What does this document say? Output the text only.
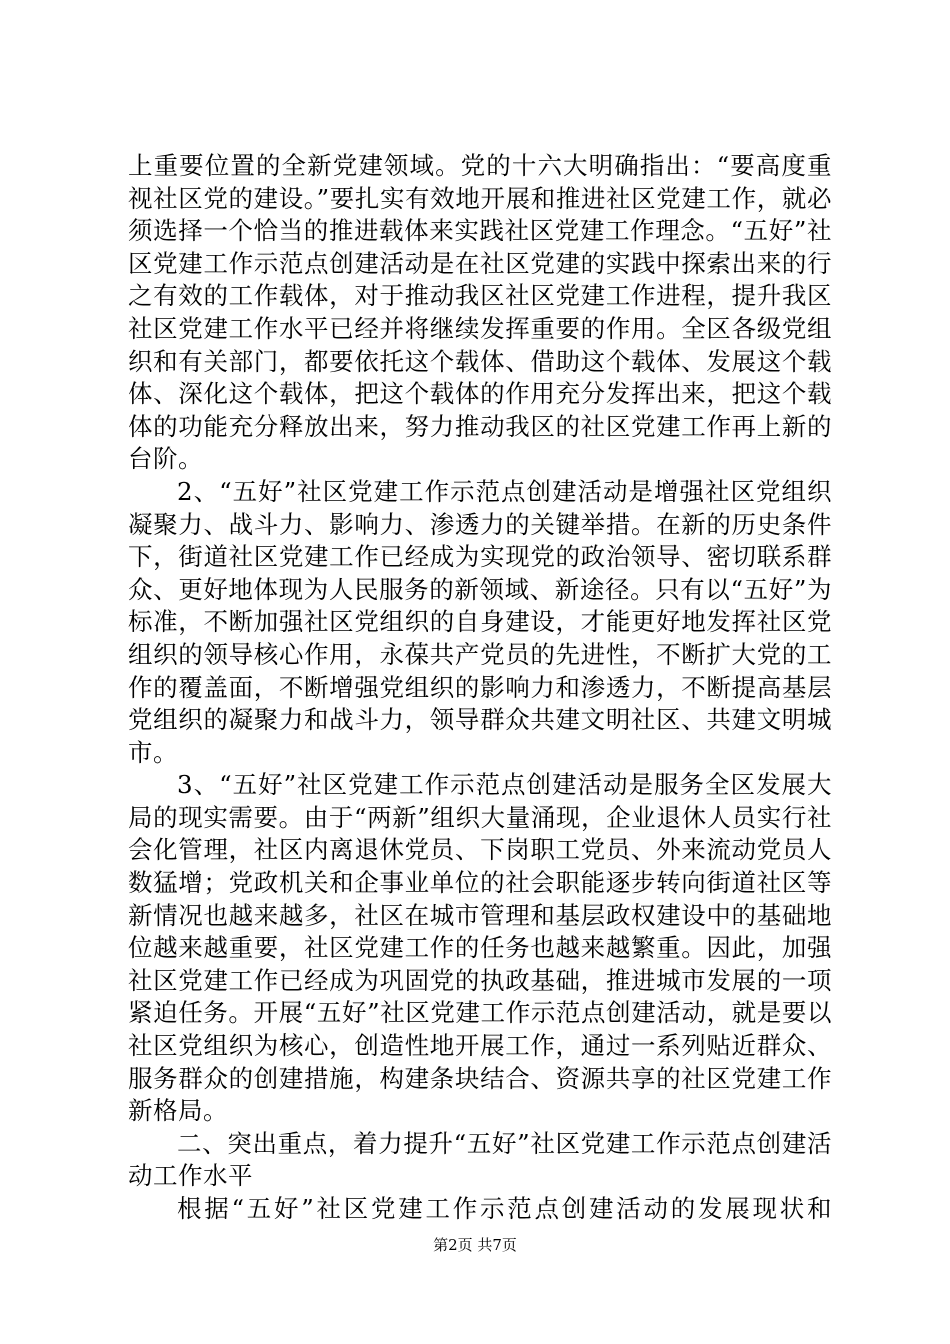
上重要位置的全新党建领域。党的十六大明确指出：“要高度重视社区党的建设。”要扎实有效地开展和推进社区党建工作，就必须选择一个恰当的推进载体来实践社区党建工作理念。“五好”社区党建工作示范点创建活动是在社区党建的实践中探索出来的行之有效的工作载体，对于推动我区社区党建工作进程，提升我区社区党建工作水平已经并将继续发挥重要的作用。全区各级党组织和有关部门，都要依托这个载体、借助这个载体、发展这个载体、深化这个载体，把这个载体的作用充分发挥出来，把这个载体的功能充分释放出来，努力推动我区的社区党建工作再上新的台阶。

2、“五好”社区党建工作示范点创建活动是增强社区党组织凝聚力、战斗力、影响力、渗透力的关键举措。在新的历史条件下，街道社区党建工作已经成为实现党的政治领导、密切联系群众、更好地体现为人民服务的新领域、新途径。只有以“五好”为标准，不断加强社区党组织的自身建设，才能更好地发挥社区党组织的领导核心作用，永葆共产党员的先进性，不断扩大党的工作的覆盖面，不断增强党组织的影响力和渗透力，不断提高基层党组织的凝聚力和战斗力，领导群众共建文明社区、共建文明城市。

3、“五好”社区党建工作示范点创建活动是服务全区发展大局的现实需要。由于“两新”组织大量涌现，企业退休人员实行社会化管理，社区内离退休党员、下岗职工党员、外来流动党员人数猛增；党政机关和企事业单位的社会职能逐步转向街道社区等新情况也越来越多，社区在城市管理和基层政权建设中的基础地位越来越重要，社区党建工作的任务也越来越繁重。因此，加强社区党建工作已经成为巩固党的执政基础，推进城市发展的一项紧迫任务。开展“五好”社区党建工作示范点创建活动，就是要以社区党组织为核心，创造性地开展工作，通过一系列贴近群众、服务群众的创建措施，构建条块结合、资源共享的社区党建工作新格局。

二、突出重点，着力提升“五好”社区党建工作示范点创建活动工作水平

根据“五好”社区党建工作示范点创建活动的发展现状和

第2页 共7页
